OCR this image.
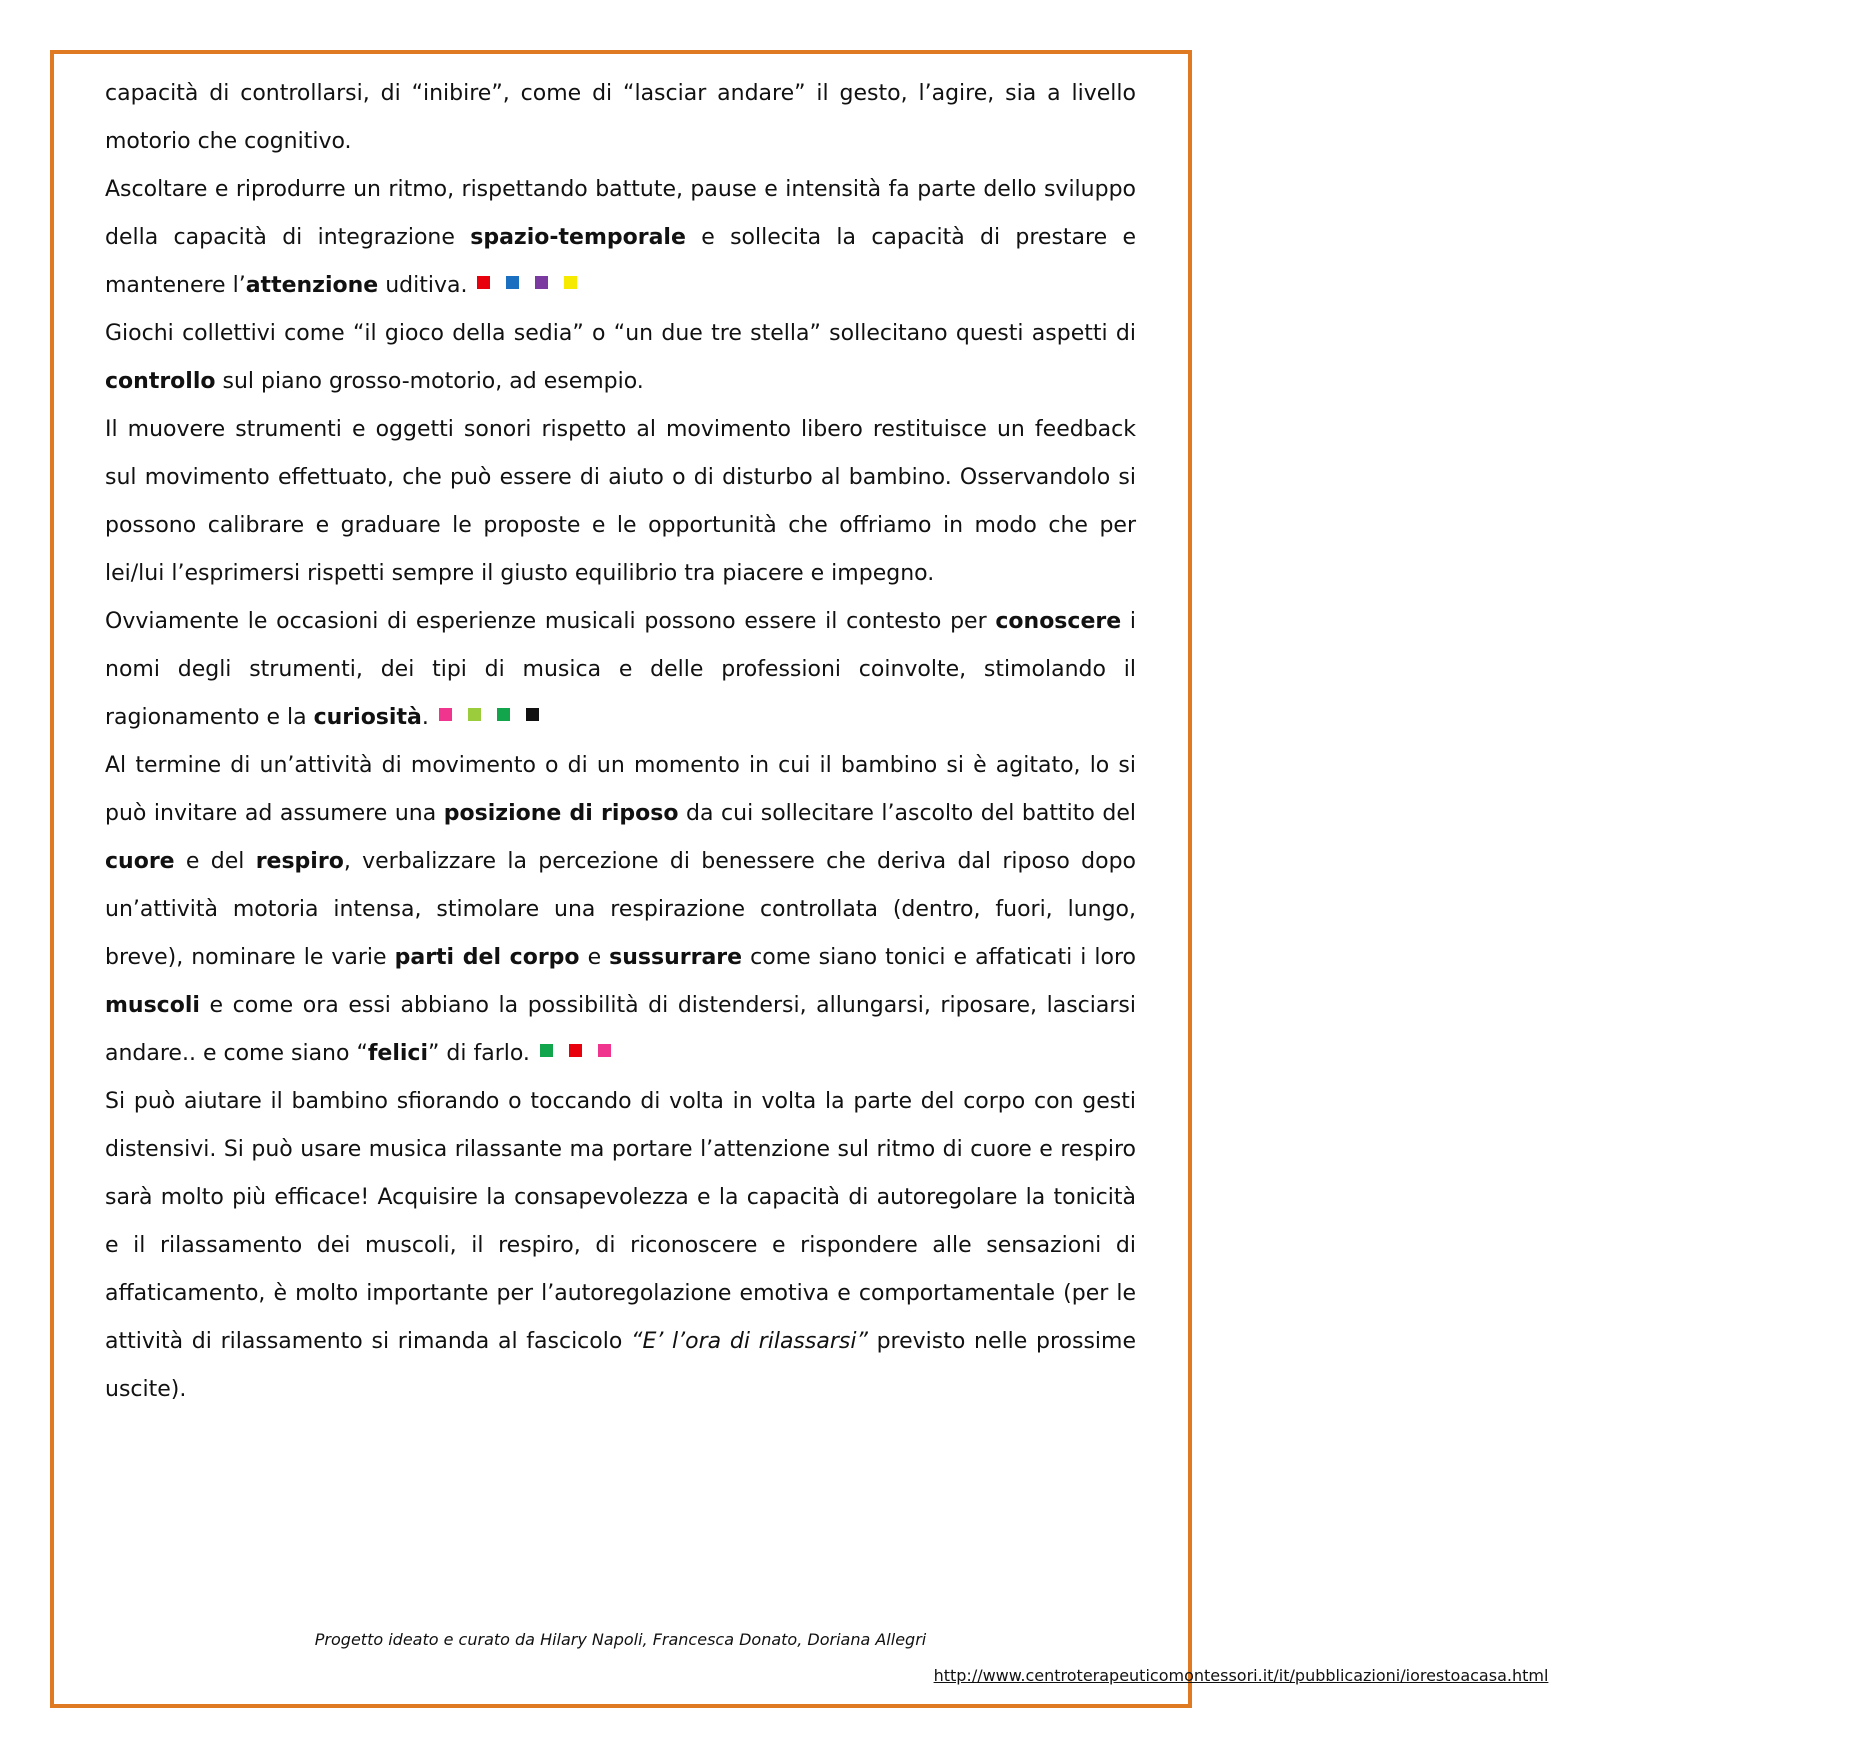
capacità di controllarsi, di “inibire”, come di “lasciar andare” il gesto, l’agire, sia a livello motorio che cognitivo.

Ascoltare e riprodurre un ritmo, rispettando battute, pause e intensità fa parte dello sviluppo della capacità di integrazione spazio-temporale e sollecita la capacità di prestare e mantenere l’attenzione uditiva.

Giochi collettivi come “il gioco della sedia” o “un due tre stella” sollecitano questi aspetti di controllo sul piano grosso-motorio, ad esempio.

Il muovere strumenti e oggetti sonori rispetto al movimento libero restituisce un feedback sul movimento effettuato, che può essere di aiuto o di disturbo al bambino. Osservandolo si possono calibrare e graduare le proposte e le opportunità che offriamo in modo che per lei/lui l’esprimersi rispetti sempre il giusto equilibrio tra piacere e impegno.

Ovviamente le occasioni di esperienze musicali possono essere il contesto per conoscere i nomi degli strumenti, dei tipi di musica e delle professioni coinvolte, stimolando il ragionamento e la curiosità.

Al termine di un’attività di movimento o di un momento in cui il bambino si è agitato, lo si può invitare ad assumere una posizione di riposo da cui sollecitare l’ascolto del battito del cuore e del respiro, verbalizzare la percezione di benessere che deriva dal riposo dopo un’attività motoria intensa, stimolare una respirazione controllata (dentro, fuori, lungo, breve), nominare le varie parti del corpo e sussurrare come siano tonici e affaticati i loro muscoli e come ora essi abbiano la possibilità di distendersi, allungarsi, riposare, lasciarsi andare.. e come siano “felici” di farlo.

Si può aiutare il bambino sfiorando o toccando di volta in volta la parte del corpo con gesti distensivi. Si può usare musica rilassante ma portare l’attenzione sul ritmo di cuore e respiro sarà molto più efficace! Acquisire la consapevolezza e la capacità di autoregolare la tonicità e il rilassamento dei muscoli, il respiro, di riconoscere e rispondere alle sensazioni di affaticamento, è molto importante per l’autoregolazione emotiva e comportamentale (per le attività di rilassamento si rimanda al fascicolo “E’ l’ora di rilassarsi” previsto nelle prossime uscite).

Progetto ideato e curato da Hilary Napoli, Francesca Donato, Doriana Allegri
http://www.centroterapeuticomontessori.it/it/pubblicazioni/ioresto​acasa.html
